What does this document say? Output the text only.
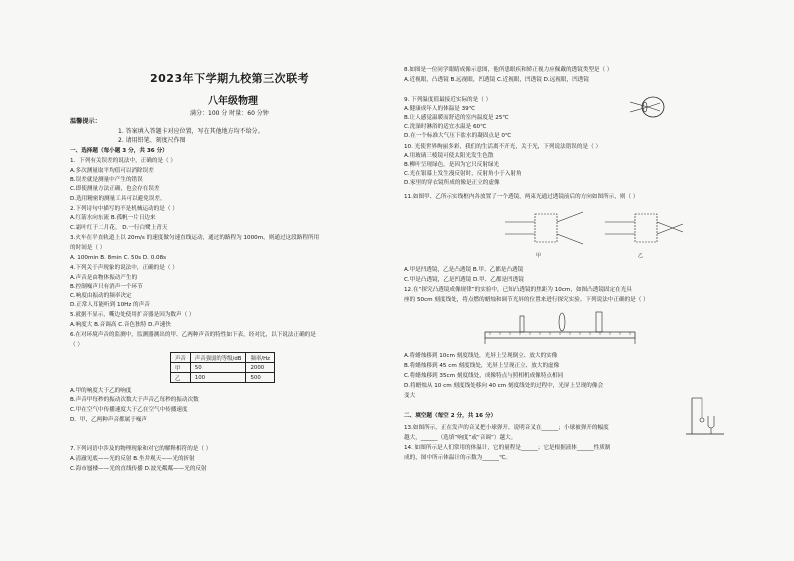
2023年下学期九校第三次联考
八年级物理
满分：100 分 时量：60 分钟
温馨提示：
1. 答案填入答题卡对应位置，写在其他地方均不给分。
2. 请用铅笔、刻度尺作图
一、选择题（每小题 3 分，共 36 分）
1．下列有关误差的说法中，正确的是（ ）
A.多次测量取平均值可以消除误差
B.误差就是测量中产生的错误
C.即使测量方法正确，也会存在误差
D.选用精密的测量工具可以避免误差。
2.下列诗句中描写的不是机械运动的是（ ）
A.红箭水向东流 B.孤帆一片日边来
C.霜叶红于二月花。 D.一行白鹭上青天
3.火车在平直轨道上以 20m/s 的速度做匀速直线运动，通过的路程为 1000m，则通过这段路程所用
的时间是（ ）
A. 100min B. 8min C. 50s D. 0.08s
4.下列关于声现象的说法中，正确的是（ ）
A.声音是由物体振动产生的
B.控制噪声只有消声一个环节
C.响度由振动的频率决定
D.正常人耳能听到 10Hz 的声音
5.就据不显示，嘶边处使用扩音器是因为数声（ ）
A.响度大 B.音调高 C.音色独特 D.声速快
6.在对环境声音的监测中，监测器测出的甲、乙两种声音的特性如下表，经对比，以下说法正确的是
（ ）
A.甲的响度大于乙的响度
B.声音甲每秒的振动次数大于声音乙每秒的振动次数
C.甲在空气中传播速度大于乙在空气中传播速度
D．甲、乙两种声音都属于噪声
7.下列词语中涉及的物理现象和对它的解释相符的是（ ）
A.清澈见底——光的反射 B.坐井观天——光的折射
C.海市蜃楼——光的直线传播 D.波光粼粼——光的反射
8.如图是一位同学眼睛成像示意图，他所患眼疾和矫正视力应佩戴的透镜类型是（ ）
A.近视眼，凸透镜 B.远视眼，凹透镜 C.近视眼，凹透镜 D.远视眼，凹透镜
9. 下列温度值最接近实际的是（ ）
A.健康成年人的体温是 39℃
B.让人感觉温暖而舒适的室内温度是 25℃
C.洗澡时淋浴的适宜水温是 60℃
D.在一个标准大气压下盐水的凝固点是 0℃
10. 光使世界绚丽多彩，我们的生活离不开光，关于光，下列说法错误的是（ ）
A.用玻璃三棱镜可使太阳光发生色散
B.柳叶呈现绿色，是因为它只反射绿光
C.光在银幕上发生漫反射时，反射角小于入射角
D.家里的穿衣镜所成的像是正立的虚像
11.如图甲、乙所示实线框内各放置了一个透镜，两束光通过透镜前后的方向如图所示，则（ ）
A.甲是凹透镜，乙是凸透镜 B.甲、乙都是凸透镜
C.甲是凸透镜，乙是凹透镜 D.甲、乙都是凹透镜
12.在“探究凸透镜成像规律”的实验中，已知凸透镜的焦距为 10cm，如图凸透镜固定在光具
座的 50cm 刻度线处，将点燃的蜡烛和调节光屏的位置来进行探究实验。下列说法中正确的是（ ）
A.将蜡烛移到 10cm 刻度线处，光屏上呈现倒立、放大的实像
B.将蜡烛移到 45 cm 刻度线处，光屏上呈现正立、放大的虚像
C.将蜡烛移到 35cm 刻度线处，成像特点与照相机成像特点相同
D.将蜡烛从 10 cm 刻度线处移向 40 cm 刻度线处的过程中，光屏上呈现的像会
变大
二、填空题（每空 2 分，共 16 分）
13.如图所示，正在发声的音叉把小球弹开，说明音叉在______；小球被弹开的幅度
越大，______（选填“响度”或“音调”）越大。
14. 如图所示是人们常用的体温计，它的量程是______；它是根据液体______性质制
成的，图中所示体温计的示数为______℃。
声音	声音强弱的等级/dB	频率/Hz
甲	50	2000
乙	100	500
甲	乙
